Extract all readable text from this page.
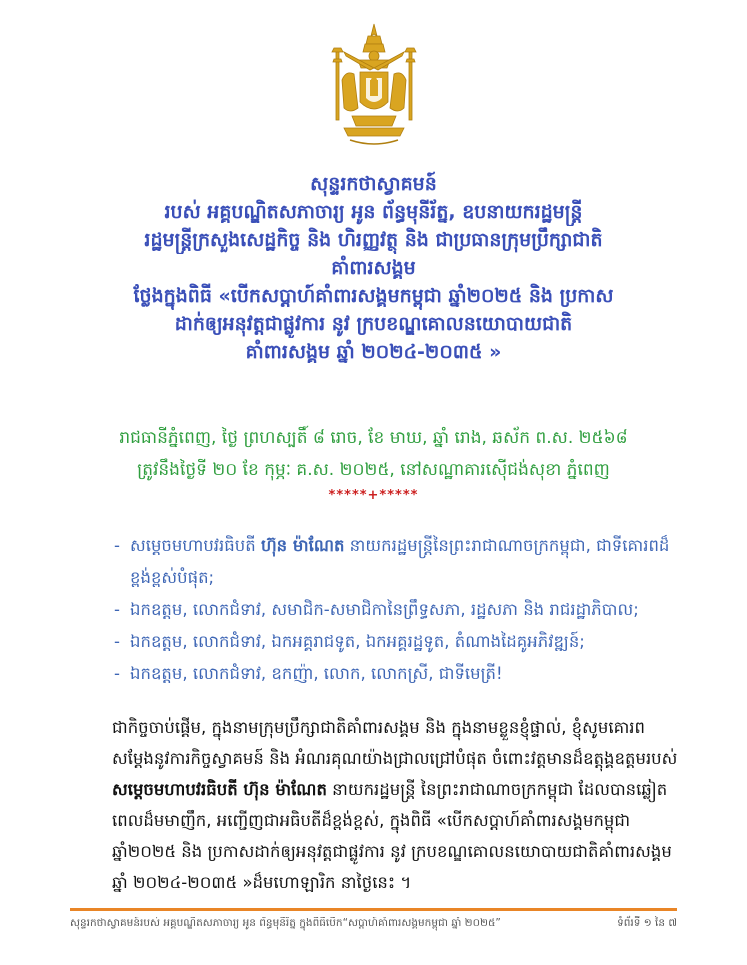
សុន្ទរកថាស្វាគមន៍
របស់ អគ្គបណ្ឌិតសភាចារ្យ អូន ព័ន្ធមុនីរ័ត្ន, ឧបនាយករដ្ឋមន្ត្រី
រដ្ឋមន្ត្រីក្រសួងសេដ្ឋកិច្ច និង ហិរញ្ញវត្ថុ និង ជាប្រធានក្រុមប្រឹក្សាជាតិ
គាំពារសង្គម
ថ្លែងក្នុងពិធី «បើកសប្តាហ៍គាំពារសង្គមកម្ពុជា ឆ្នាំ២០២៥ និង ប្រកាស
ដាក់ឲ្យអនុវត្តជាផ្លូវការ នូវ ក្របខណ្ឌគោលនយោបាយជាតិ
គាំពារសង្គម ឆ្នាំ ២០២៤-២០៣៥ »
រាជធានីភ្នំពេញ, ថ្ងៃ ព្រហស្បតិ៍ ៨ រោច, ខែ មាឃ, ឆ្នាំ រោង, ឆស័ក ព.ស. ២៥៦៨
ត្រូវនឹងថ្ងៃទី ២០ ខែ កុម្ភៈ គ.ស. ២០២៥, នៅសណ្ឋាគារស៊ើជង់សុខា ភ្នំពេញ
*****+*****
- សម្តេចមហាបវរធិបតី ហ៊ុន ម៉ាណែត នាយករដ្ឋមន្ត្រីនៃព្រះរាជាណាចក្រកម្ពុជា, ជាទីគោរពដ៏ខ្ពង់ខ្ពស់បំផុត;
- ឯកឧត្តម, លោកជំទាវ, សមាជិក-សមាជិកានៃព្រឹទ្ធសភា, រដ្ឋសភា និង រាជរដ្ឋាភិបាល;
- ឯកឧត្តម, លោកជំទាវ, ឯកអគ្គរាជទូត, ឯកអគ្គរដ្ឋទូត, តំណាងដៃគូអភិវឌ្ឍន៍;
- ឯកឧត្តម, លោកជំទាវ, ឧកញ៉ា, លោក, លោកស្រី, ជាទីមេត្រី!
ជាកិច្ចចាប់ផ្តើម, ក្នុងនាមក្រុមប្រឹក្សាជាតិគាំពារសង្គម និង ក្នុងនាមខ្លួនខ្ញុំផ្ទាល់, ខ្ញុំសូមគោរពសម្តែងនូវការកិច្ចស្វាគមន៍ និង អំណរគុណយ៉ាងជ្រាលជ្រៅបំផុត ចំពោះវត្តមានដ៏ឧត្តុង្គឧត្តមរបស់ សម្តេចមហាបវរធិបតី ហ៊ុន ម៉ាណែត នាយករដ្ឋមន្ត្រី នៃព្រះរាជាណាចក្រកម្ពុជា ដែលបានឆ្លៀតពេលដ៏មមាញឹក, អញ្ជើញជាអធិបតីដ៏ខ្ពង់ខ្ពស់, ក្នុងពិធី «បើកសប្តាហ៍គាំពារសង្គមកម្ពុជា ឆ្នាំ២០២៥ និង ប្រកាសដាក់ឲ្យអនុវត្តជាផ្លូវការ នូវ ក្របខណ្ឌគោលនយោបាយជាតិគាំពារសង្គម ឆ្នាំ ២០២៤-២០៣៥ »ដ៏មហោឡារិក នាថ្ងៃនេះ ។
សុន្ទរកថាស្វាគមន៍របស់ អគ្គបណ្ឌិតសភាចារ្យ អូន ព័ន្ធមុនីរ័ត្ន ក្នុងពិធីបើក“សប្តាហ៍គាំពារសង្គមកម្ពុជា ឆ្នាំ ២០២៥”	ទំព័រទី ១ នៃ ៧
